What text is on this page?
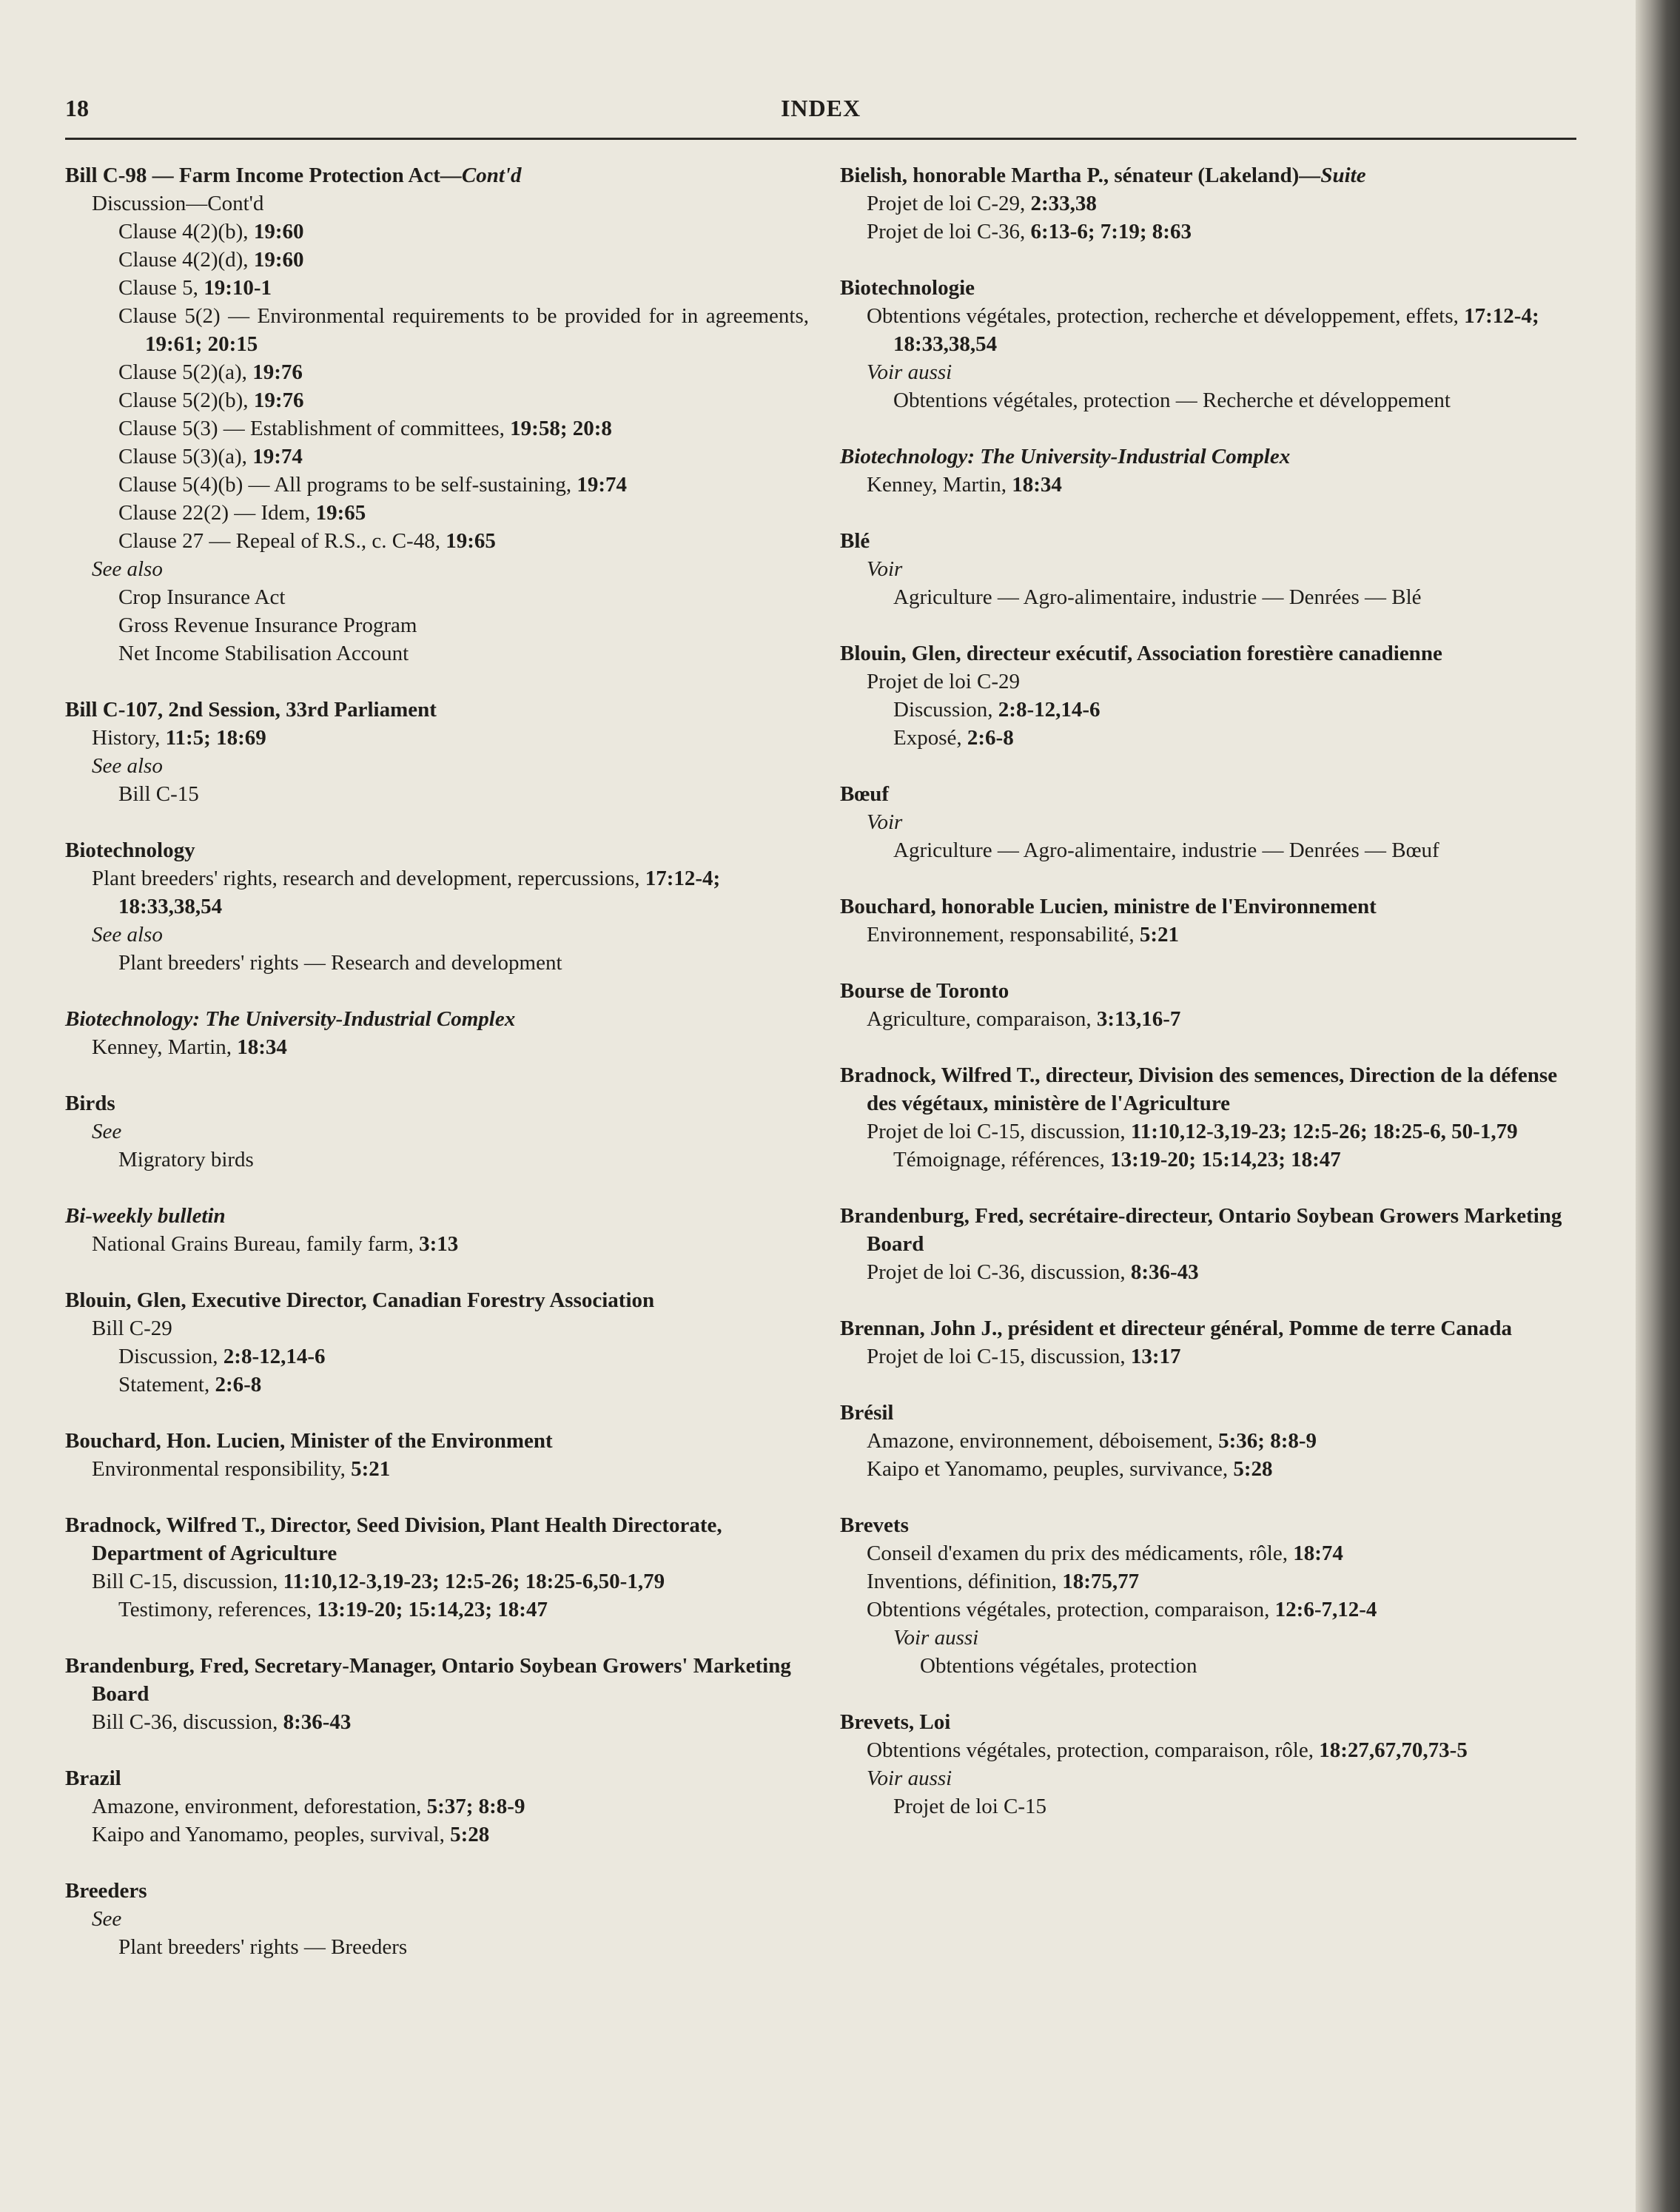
18	INDEX
Bill C-98 — Farm Income Protection Act—Cont'd
Discussion—Cont'd
Clause 4(2)(b), 19:60
Clause 4(2)(d), 19:60
Clause 5, 19:10-1
Clause 5(2) — Environmental requirements to be provided for in agreements, 19:61; 20:15
Clause 5(2)(a), 19:76
Clause 5(2)(b), 19:76
Clause 5(3) — Establishment of committees, 19:58; 20:8
Clause 5(3)(a), 19:74
Clause 5(4)(b) — All programs to be self-sustaining, 19:74
Clause 22(2) — Idem, 19:65
Clause 27 — Repeal of R.S., c. C-48, 19:65
See also
Crop Insurance Act
Gross Revenue Insurance Program
Net Income Stabilisation Account
Bill C-107, 2nd Session, 33rd Parliament
History, 11:5; 18:69
See also
Bill C-15
Biotechnology
Plant breeders' rights, research and development, repercussions, 17:12-4; 18:33,38,54
See also
Plant breeders' rights — Research and development
Biotechnology: The University-Industrial Complex
Kenney, Martin, 18:34
Birds
See
Migratory birds
Bi-weekly bulletin
National Grains Bureau, family farm, 3:13
Blouin, Glen, Executive Director, Canadian Forestry Association
Bill C-29
Discussion, 2:8-12,14-6
Statement, 2:6-8
Bouchard, Hon. Lucien, Minister of the Environment
Environmental responsibility, 5:21
Bradnock, Wilfred T., Director, Seed Division, Plant Health Directorate, Department of Agriculture
Bill C-15, discussion, 11:10,12-3,19-23; 12:5-26; 18:25-6,50-1,79
Testimony, references, 13:19-20; 15:14,23; 18:47
Brandenburg, Fred, Secretary-Manager, Ontario Soybean Growers' Marketing Board
Bill C-36, discussion, 8:36-43
Brazil
Amazone, environment, deforestation, 5:37; 8:8-9
Kaipo and Yanomamo, peoples, survival, 5:28
Breeders
See
Plant breeders' rights — Breeders
Bielish, honorable Martha P., sénateur (Lakeland)—Suite
Projet de loi C-29, 2:33,38
Projet de loi C-36, 6:13-6; 7:19; 8:63
Biotechnologie
Obtentions végétales, protection, recherche et développement, effets, 17:12-4; 18:33,38,54
Voir aussi
Obtentions végétales, protection — Recherche et développement
Biotechnology: The University-Industrial Complex
Kenney, Martin, 18:34
Blé
Voir
Agriculture — Agro-alimentaire, industrie — Denrées — Blé
Blouin, Glen, directeur exécutif, Association forestière canadienne
Projet de loi C-29
Discussion, 2:8-12,14-6
Exposé, 2:6-8
Bœuf
Voir
Agriculture — Agro-alimentaire, industrie — Denrées — Bœuf
Bouchard, honorable Lucien, ministre de l'Environnement
Environnement, responsabilité, 5:21
Bourse de Toronto
Agriculture, comparaison, 3:13,16-7
Bradnock, Wilfred T., directeur, Division des semences, Direction de la défense des végétaux, ministère de l'Agriculture
Projet de loi C-15, discussion, 11:10,12-3,19-23; 12:5-26; 18:25-6, 50-1,79
Témoignage, références, 13:19-20; 15:14,23; 18:47
Brandenburg, Fred, secrétaire-directeur, Ontario Soybean Growers Marketing Board
Projet de loi C-36, discussion, 8:36-43
Brennan, John J., président et directeur général, Pomme de terre Canada
Projet de loi C-15, discussion, 13:17
Brésil
Amazone, environnement, déboisement, 5:36; 8:8-9
Kaipo et Yanomamo, peuples, survivance, 5:28
Brevets
Conseil d'examen du prix des médicaments, rôle, 18:74
Inventions, définition, 18:75,77
Obtentions végétales, protection, comparaison, 12:6-7,12-4
Voir aussi
Obtentions végétales, protection
Brevets, Loi
Obtentions végétales, protection, comparaison, rôle, 18:27,67,70,73-5
Voir aussi
Projet de loi C-15
